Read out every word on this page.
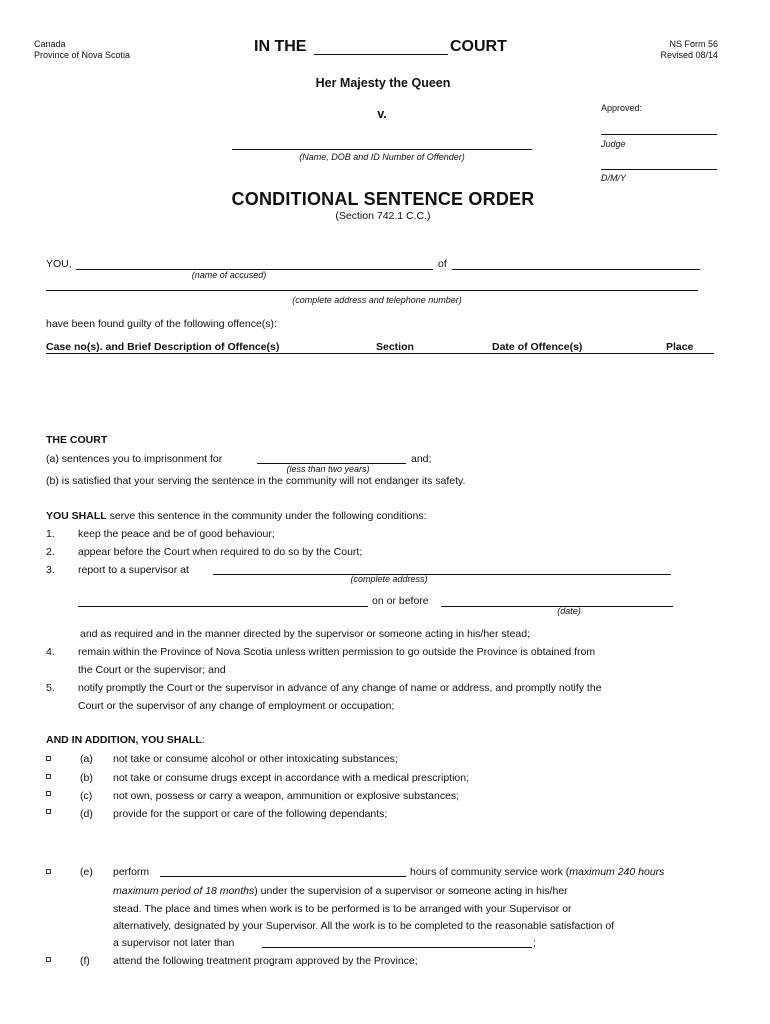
Canada
Province of Nova Scotia	IN THE	COURT	NS Form 56
Revised 08/14
Her Majesty the Queen
v.
(Name, DOB and ID Number of Offender)
Approved:
Judge
D/M/Y
CONDITIONAL SENTENCE ORDER
(Section 742.1 C.C.)
YOU,	of
(name of accused)
(complete address and telephone number)
have been found guilty of the following offence(s):
Case no(s). and Brief Description of Offence(s)	Section	Date of Offence(s)	Place
THE COURT
(a) sentences you to imprisonment for	and;
(less than two years)
(b) is satisfied that your serving the sentence in the community will not endanger its safety.
YOU SHALL serve this sentence in the community under the following conditions:
1. keep the peace and be of good behaviour;
2. appear before the Court when required to do so by the Court;
3. report to a supervisor at
(complete address)
on or before
(date)
and as required and in the manner directed by the supervisor or someone acting in his/her stead;
4. remain within the Province of Nova Scotia unless written permission to go outside the Province is obtained from
the Court or the supervisor; and
5. notify promptly the Court or the supervisor in advance of any change of name or address, and promptly notify the
Court or the supervisor of any change of employment or occupation;
AND IN ADDITION, YOU SHALL:
(a) not take or consume alcohol or other intoxicating substances;
(b) not take or consume drugs except in accordance with a medical prescription;
(c) not own, possess or carry a weapon, ammunition or explosive substances;
(d) provide for the support or care of the following dependants;
(e) perform	hours of community service work (maximum 240 hours
maximum period of 18 months) under the supervision of a supervisor or someone acting in his/her
stead. The place and times when work is to be performed is to be arranged with your Supervisor or
alternatively, designated by your Supervisor. All the work is to be completed to the reasonable satisfaction of
a supervisor not later than	;
(f) attend the following treatment program approved by the Province;
